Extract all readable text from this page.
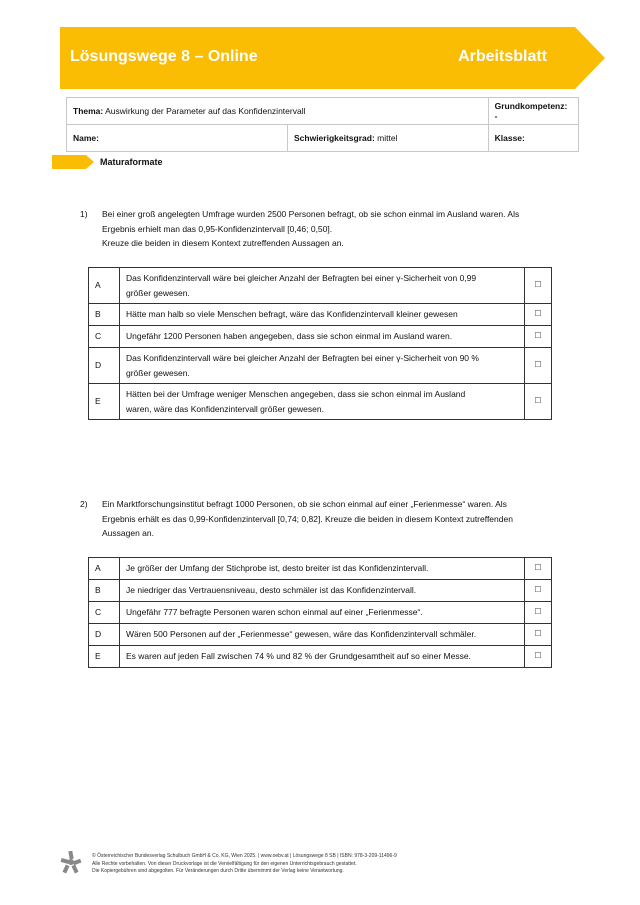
Lösungswege 8 – Online	Arbeitsblatt
Thema: Auswirkung der Parameter auf das Konfidenzintervall		Grundkompetenz: -
Name:	Schwierigkeitsgrad: mittel	Klasse:
Maturaformate
1) Bei einer groß angelegten Umfrage wurden 2500 Personen befragt, ob sie schon einmal im Ausland waren. Als
Ergebnis erhielt man das 0,95-Konfidenzintervall [0,46; 0,50].
Kreuze die beiden in diesem Kontext zutreffenden Aussagen an.
A	Das Konfidenzintervall wäre bei gleicher Anzahl der Befragten bei einer γ-Sicherheit von 0,99
größer gewesen.	☐
B	Hätte man halb so viele Menschen befragt, wäre das Konfidenzintervall kleiner gewesen	☐
C	Ungefähr 1200 Personen haben angegeben, dass sie schon einmal im Ausland waren.	☐
D	Das Konfidenzintervall wäre bei gleicher Anzahl der Befragten bei einer γ-Sicherheit von 90 %
größer gewesen.	☐
E	Hätten bei der Umfrage weniger Menschen angegeben, dass sie schon einmal im Ausland
waren, wäre das Konfidenzintervall größer gewesen.	☐
2) Ein Marktforschungsinstitut befragt 1000 Personen, ob sie schon einmal auf einer „Ferienmesse“ waren. Als
Ergebnis erhält es das 0,99-Konfidenzintervall [0,74; 0,82]. Kreuze die beiden in diesem Kontext zutreffenden
Aussagen an.
A	Je größer der Umfang der Stichprobe ist, desto breiter ist das Konfidenzintervall.	☐
B	Je niedriger das Vertrauensniveau, desto schmäler ist das Konfidenzintervall.	☐
C	Ungefähr 777 befragte Personen waren schon einmal auf einer „Ferienmesse“.	☐
D	Wären 500 Personen auf der „Ferienmesse“ gewesen, wäre das Konfidenzintervall schmäler.	☐
E	Es waren auf jeden Fall zwischen 74 % und 82 % der Grundgesamtheit auf so einer Messe.	☐
© Österreichischer Bundesverlag Schulbuch GmbH & Co. KG, Wien 2025. | www.oebv.at | Lösungswege 8 SB | ISBN: 978-3-209-11496-9
Alle Rechte vorbehalten. Von dieser Druckvorlage ist die Vervielfältigung für den eigenen Unterrichtsgebrauch gestattet.
Die Kopiergebühren sind abgegolten. Für Veränderungen durch Dritte übernimmt der Verlag keine Verantwortung.
